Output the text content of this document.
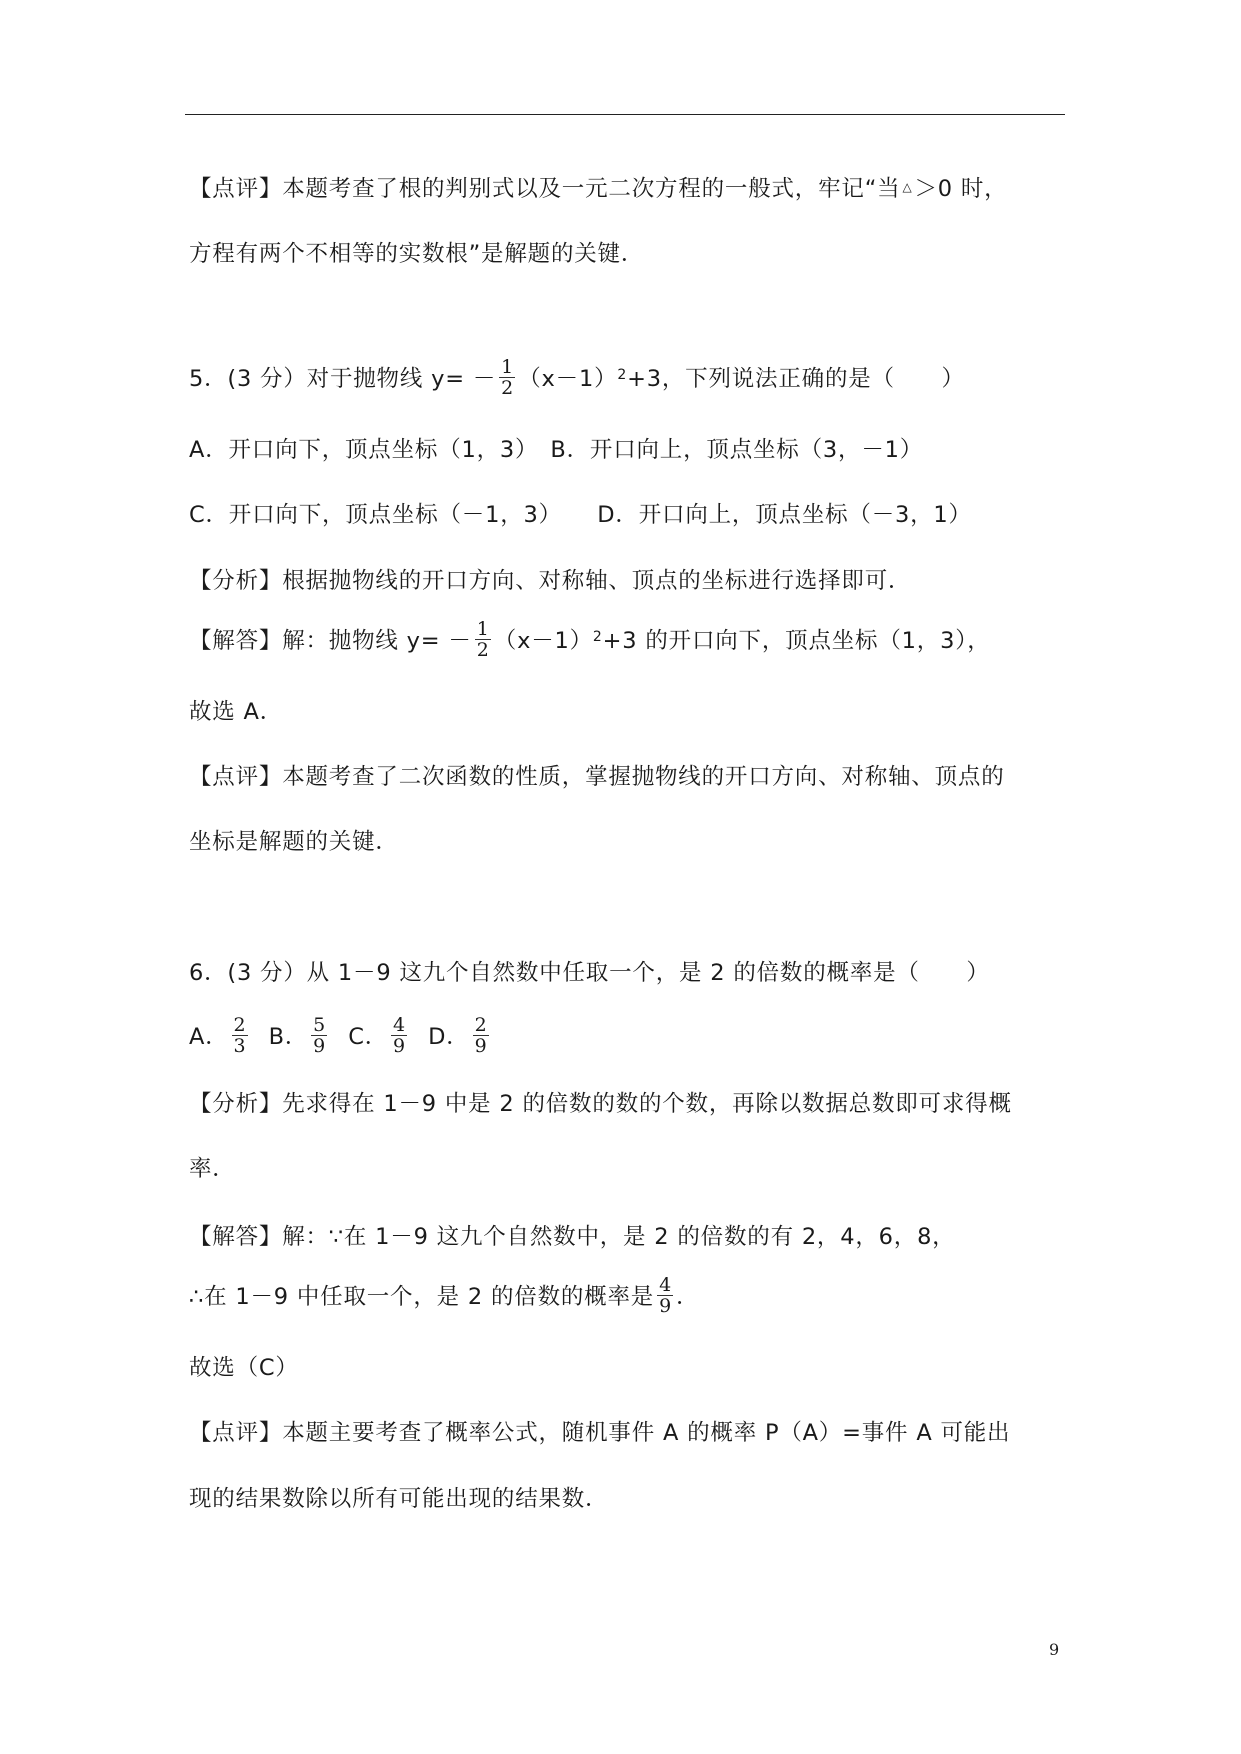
【点评】本题考查了根的判别式以及一元二次方程的一般式，牢记“当 △ ＞0 时，
方程有两个不相等的实数根”是解题的关键．
5．(3 分）对于抛物线 $y= - \frac{1}{2} (x-1)^2 +3$，下列说法正确的是（　　）
A．开口向下，顶点坐标（1，3）　B．开口向上，顶点坐标（3，－1）
C．开口向下，顶点坐标（－1，3）　　D．开口向上，顶点坐标（－3，1）
【分析】根据抛物线的开口方向、对称轴、顶点的坐标进行选择即可．
【解答】解：抛物线 $y= - \frac{1}{2} (x-1)^2 +3$ 的开口向下，顶点坐标（1，3），
故选 A．
【点评】本题考查了二次函数的性质，掌握抛物线的开口方向、对称轴、顶点的
坐标是解题的关键．
6．(3 分）从 1－9 这九个自然数中任取一个，是 2 的倍数的概率是（　　）
A． $\frac{2}{3}$ B． $\frac{5}{9}$ C． $\frac{4}{9}$ D． $\frac{2}{9}$
【分析】先求得在 1－9 中是 2 的倍数的数的个数，再除以数据总数即可求得概
率．
【解答】解：∵在 1－9 这九个自然数中，是 2 的倍数的有 2，4，6，8，
∴在 1－9 中任取一个，是 2 的倍数的概率是 $\frac{4}{9}$ ．
故选（C）
【点评】本题主要考查了概率公式，随机事件 A 的概率 P（A）=事件 A 可能出
现的结果数除以所有可能出现的结果数．
9
